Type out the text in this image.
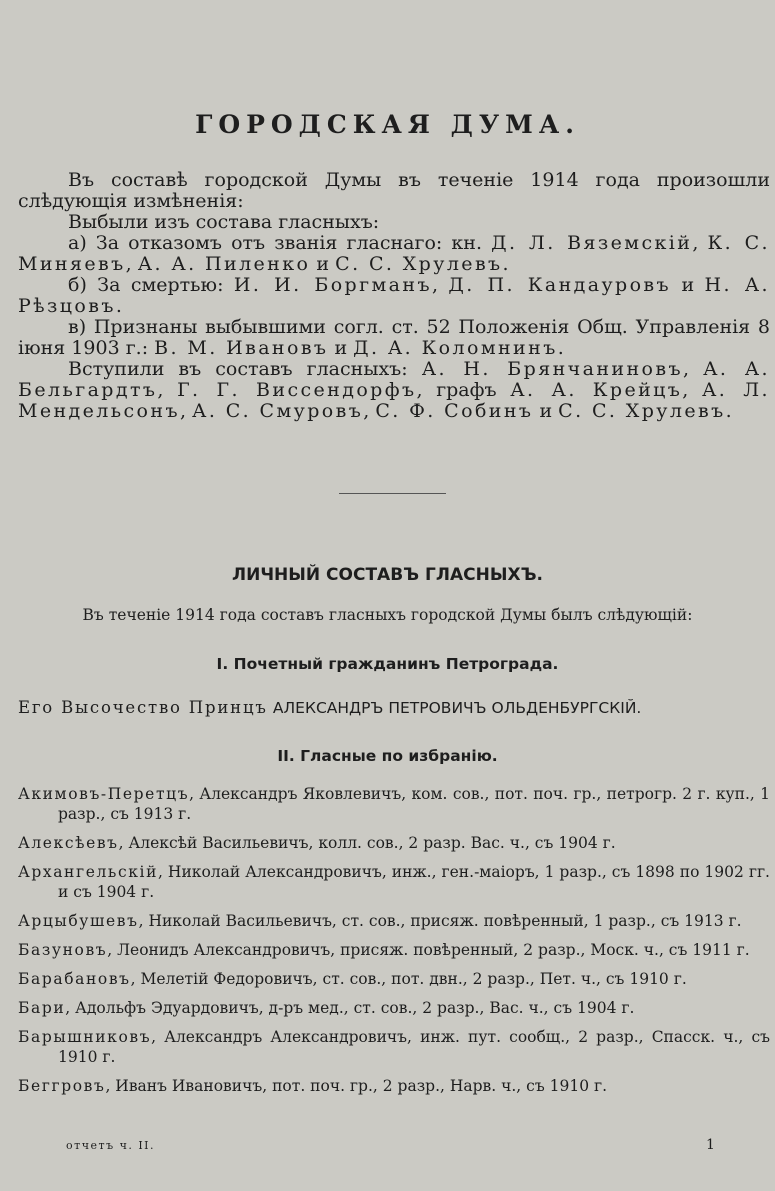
ГОРОДСКАЯ ДУМА.

Въ составѣ городской Думы въ теченіе 1914 года произошли слѣдующія измѣненія:

Выбыли изъ состава гласныхъ:

а) За отказомъ отъ званія гласнаго: кн. Д. Л. Вяземскій, К. С. Миняевъ, А. А. Пиленко и С. С. Хрулевъ.

б) За смертью: И. И. Боргманъ, Д. П. Кандауровъ и Н. А. Рѣзцовъ.

в) Признаны выбывшими согл. ст. 52 Положенія Общ. Управленія 8 іюня 1903 г.: В. М. Ивановъ и Д. А. Коломнинъ.

Вступили въ составъ гласныхъ: А. Н. Брянчаниновъ, А. А. Бельгардтъ, Г. Г. Виссендорфъ, графъ А. А. Крейцъ, А. Л. Мендельсонъ, А. С. Смуровъ, С. Ф. Собинъ и С. С. Хрулевъ.

ЛИЧНЫЙ СОСТАВЪ ГЛАСНЫХЪ.

Въ теченіе 1914 года составъ гласныхъ городской Думы былъ слѣдующій:

I. Почетный гражданинъ Петрограда.

Его Высочество Принцъ АЛЕКСАНДРЪ ПЕТРОВИЧЪ ОЛЬДЕНБУРГСКІЙ.

II. Гласные по избранію.
Акимовъ-Перетцъ, Александръ Яковлевичъ, ком. сов., пот. поч. гр., петрогр. 2 г. куп., 1 разр., съ 1913 г.
Алексѣевъ, Алексѣй Васильевичъ, колл. сов., 2 разр. Вас. ч., съ 1904 г.
Архангельскій, Николай Александровичъ, инж., ген.-маіоръ, 1 разр., съ 1898 по 1902 гг. и съ 1904 г.
Арцыбушевъ, Николай Васильевичъ, ст. сов., присяж. повѣренный, 1 разр., съ 1913 г.
Базуновъ, Леонидъ Александровичъ, присяж. повѣренный, 2 разр., Моск. ч., съ 1911 г.
Барабановъ, Мелетій Федоровичъ, ст. сов., пот. двн., 2 разр., Пет. ч., съ 1910 г.
Бари, Адольфъ Эдуардовичъ, д-ръ мед., ст. сов., 2 разр., Вас. ч., съ 1904 г.
Барышниковъ, Александръ Александровичъ, инж. пут. сообщ., 2 разр., Спасск. ч., съ 1910 г.
Беггровъ, Иванъ Ивановичъ, пот. поч. гр., 2 разр., Нарв. ч., съ 1910 г.

отчетъ ч. II.	1
